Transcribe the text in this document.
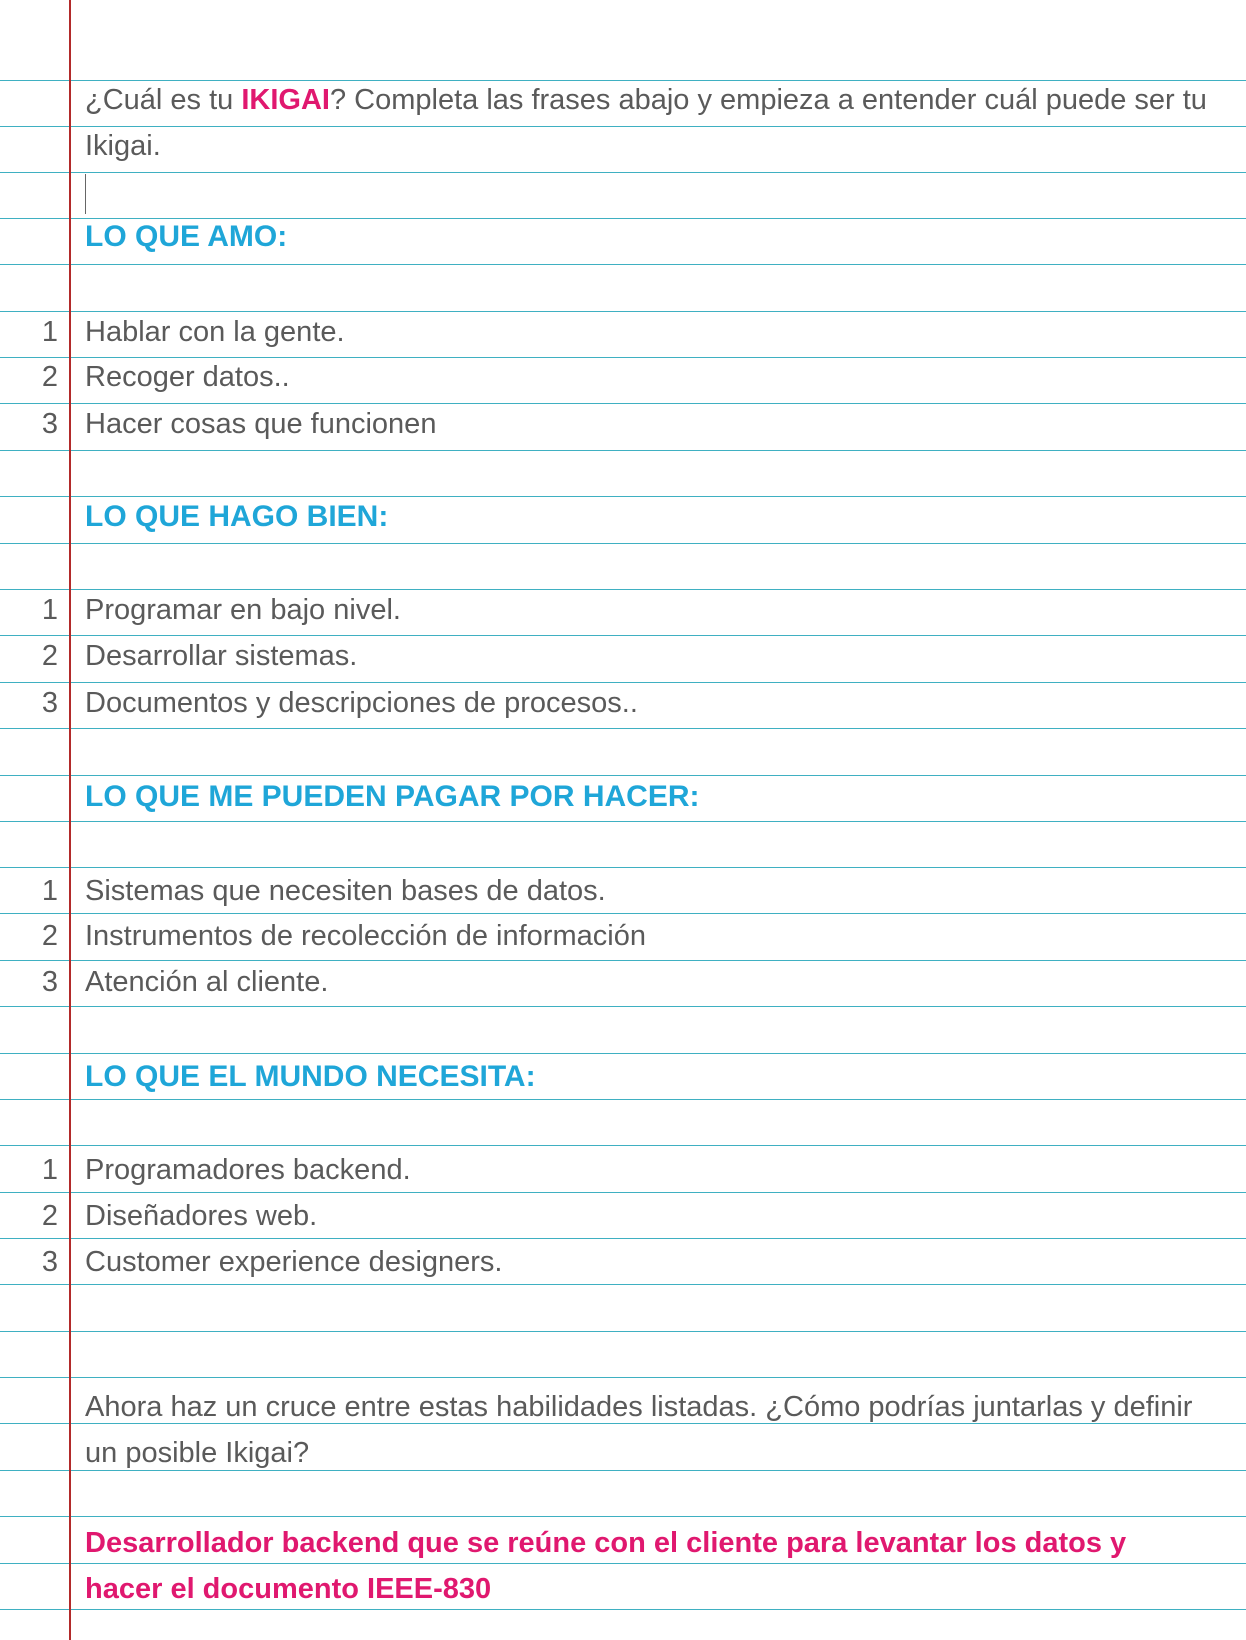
¿Cuál es tu IKIGAI? Completa las frases abajo y empieza a entender cuál puede ser tu
Ikigai.
LO QUE AMO:
1 Hablar con la gente.
2 Recoger datos..
3 Hacer cosas que funcionen
LO QUE HAGO BIEN:
1 Programar en bajo nivel.
2 Desarrollar sistemas.
3 Documentos y descripciones de procesos..
LO QUE ME PUEDEN PAGAR POR HACER:
1 Sistemas que necesiten bases de datos.
2 Instrumentos de recolección de información
3 Atención al cliente.
LO QUE EL MUNDO NECESITA:
1 Programadores backend.
2 Diseñadores web.
3 Customer experience designers.
Ahora haz un cruce entre estas habilidades listadas. ¿Cómo podrías juntarlas y definir
un posible Ikigai?
Desarrollador backend que se reúne con el cliente para levantar los datos y
hacer el documento IEEE-830
